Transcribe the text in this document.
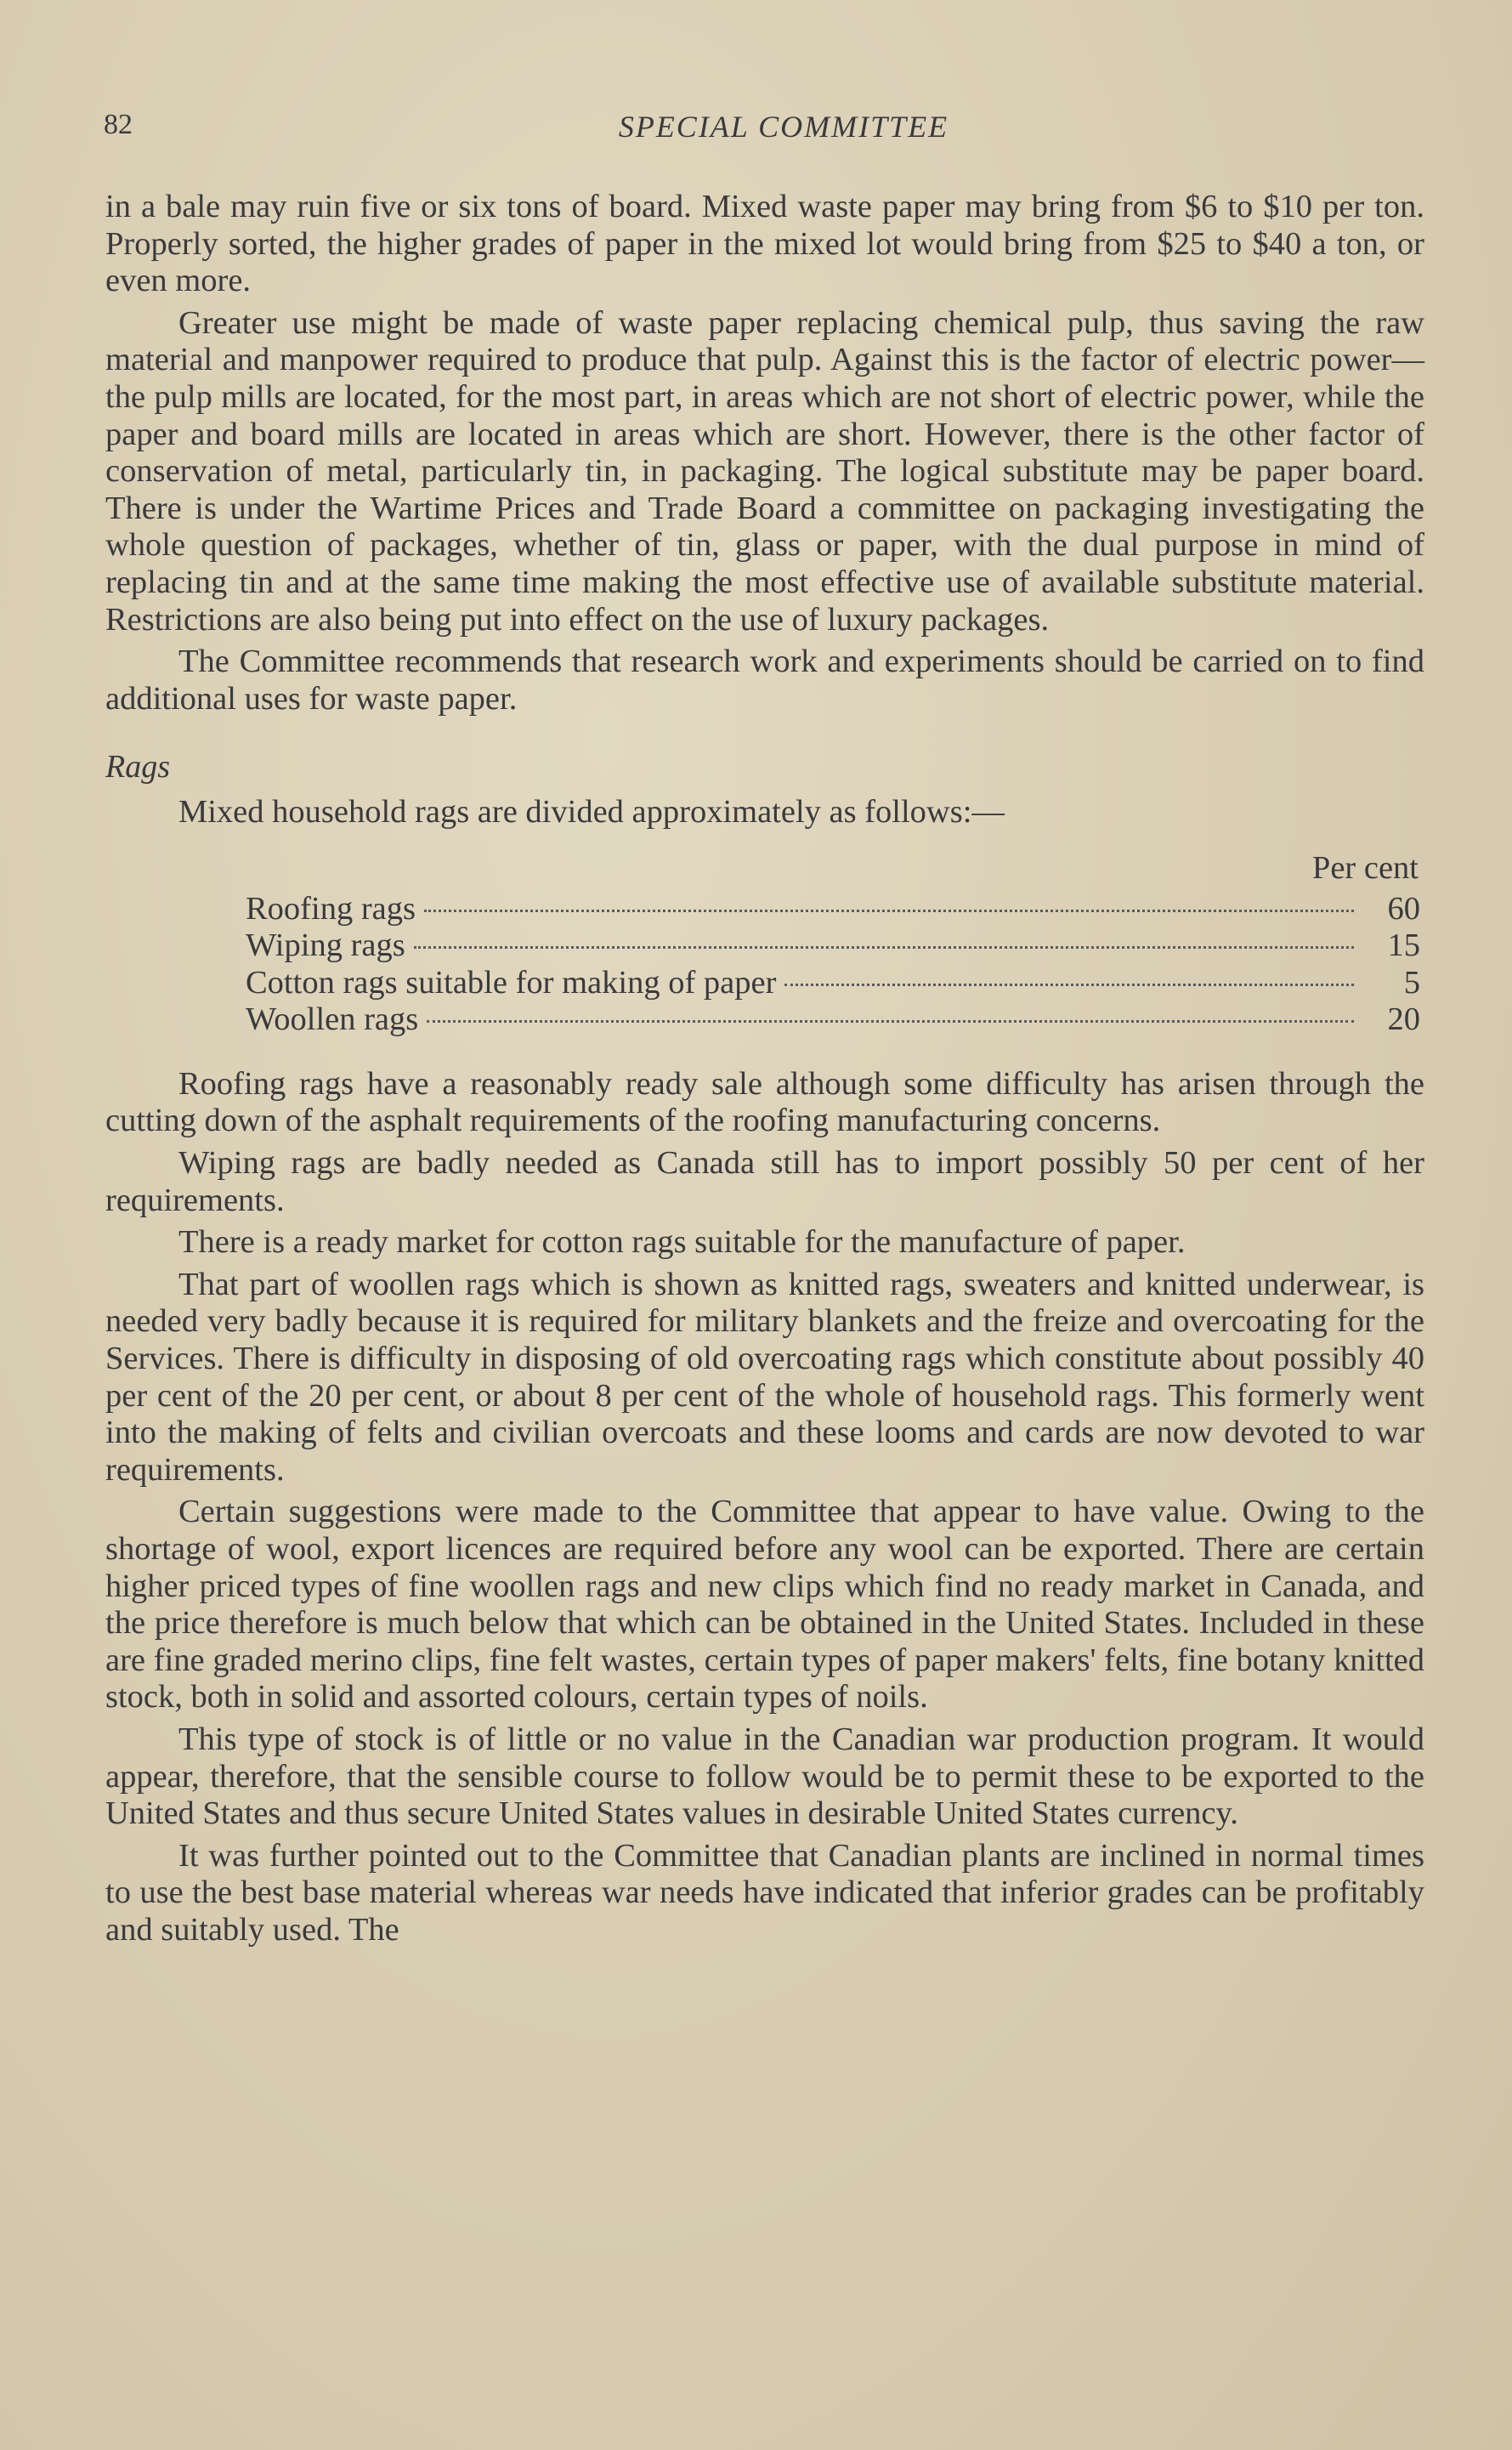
82	SPECIAL COMMITTEE

in a bale may ruin five or six tons of board. Mixed waste paper may bring from $6 to $10 per ton. Properly sorted, the higher grades of paper in the mixed lot would bring from $25 to $40 a ton, or even more.

Greater use might be made of waste paper replacing chemical pulp, thus saving the raw material and manpower required to produce that pulp. Against this is the factor of electric power—the pulp mills are located, for the most part, in areas which are not short of electric power, while the paper and board mills are located in areas which are short. However, there is the other factor of conservation of metal, particularly tin, in packaging. The logical substitute may be paper board. There is under the Wartime Prices and Trade Board a committee on packaging investigating the whole question of packages, whether of tin, glass or paper, with the dual purpose in mind of replacing tin and at the same time making the most effective use of available substitute material. Restrictions are also being put into effect on the use of luxury packages.

The Committee recommends that research work and experiments should be carried on to find additional uses for waste paper.

Rags

Mixed household rags are divided approximately as follows:—

Per cent
Roofing rags	60
Wiping rags	15
Cotton rags suitable for making of paper	5
Woollen rags	20

Roofing rags have a reasonably ready sale although some difficulty has arisen through the cutting down of the asphalt requirements of the roofing manufacturing concerns.

Wiping rags are badly needed as Canada still has to import possibly 50 per cent of her requirements.

There is a ready market for cotton rags suitable for the manufacture of paper.

That part of woollen rags which is shown as knitted rags, sweaters and knitted underwear, is needed very badly because it is required for military blankets and the freize and overcoating for the Services. There is difficulty in disposing of old overcoating rags which constitute about possibly 40 per cent of the 20 per cent, or about 8 per cent of the whole of household rags. This formerly went into the making of felts and civilian overcoats and these looms and cards are now devoted to war requirements.

Certain suggestions were made to the Committee that appear to have value. Owing to the shortage of wool, export licences are required before any wool can be exported. There are certain higher priced types of fine woollen rags and new clips which find no ready market in Canada, and the price therefore is much below that which can be obtained in the United States. Included in these are fine graded merino clips, fine felt wastes, certain types of paper makers' felts, fine botany knitted stock, both in solid and assorted colours, certain types of noils.

This type of stock is of little or no value in the Canadian war production program. It would appear, therefore, that the sensible course to follow would be to permit these to be exported to the United States and thus secure United States values in desirable United States currency.

It was further pointed out to the Committee that Canadian plants are inclined in normal times to use the best base material whereas war needs have indicated that inferior grades can be profitably and suitably used. The
